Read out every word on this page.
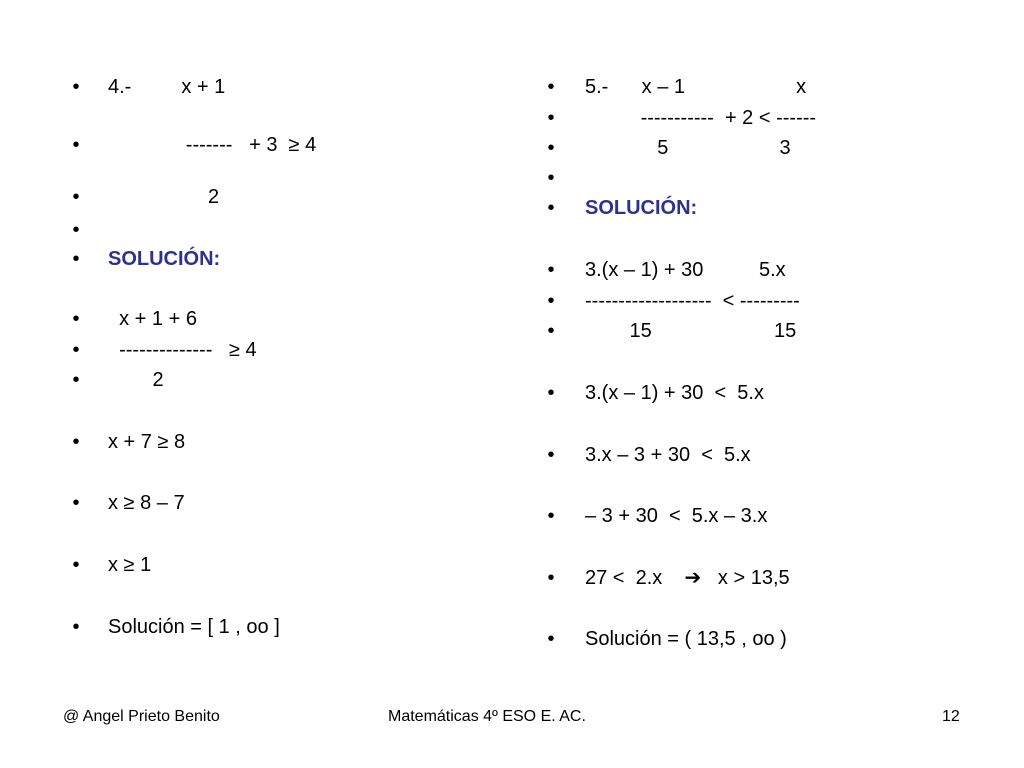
• 4.-         x + 1
• -------   + 3  ≥ 4
• 2
•
• SOLUCIÓN:
• x + 1 + 6
• --------------   ≥ 4
• 2
• x + 7 ≥ 8
• x ≥ 8 – 7
• x ≥ 1
• Solución = [ 1 , oo ]
• 5.-      x – 1                    x
• -----------  + 2 < ------
• 5                    3
•
• SOLUCIÓN:
• 3.(x – 1) + 30          5.x
• -------------------  < ---------
• 15                      15
• 3.(x – 1) + 30  <  5.x
• 3.x – 3 + 30  <  5.x
• – 3 + 30  <  5.x – 3.x
• 27 <  2.x    ➔   x > 13,5
• Solución = ( 13,5 , oo )
@ Angel Prieto Benito	Matemáticas 4º ESO E. AC.	12
